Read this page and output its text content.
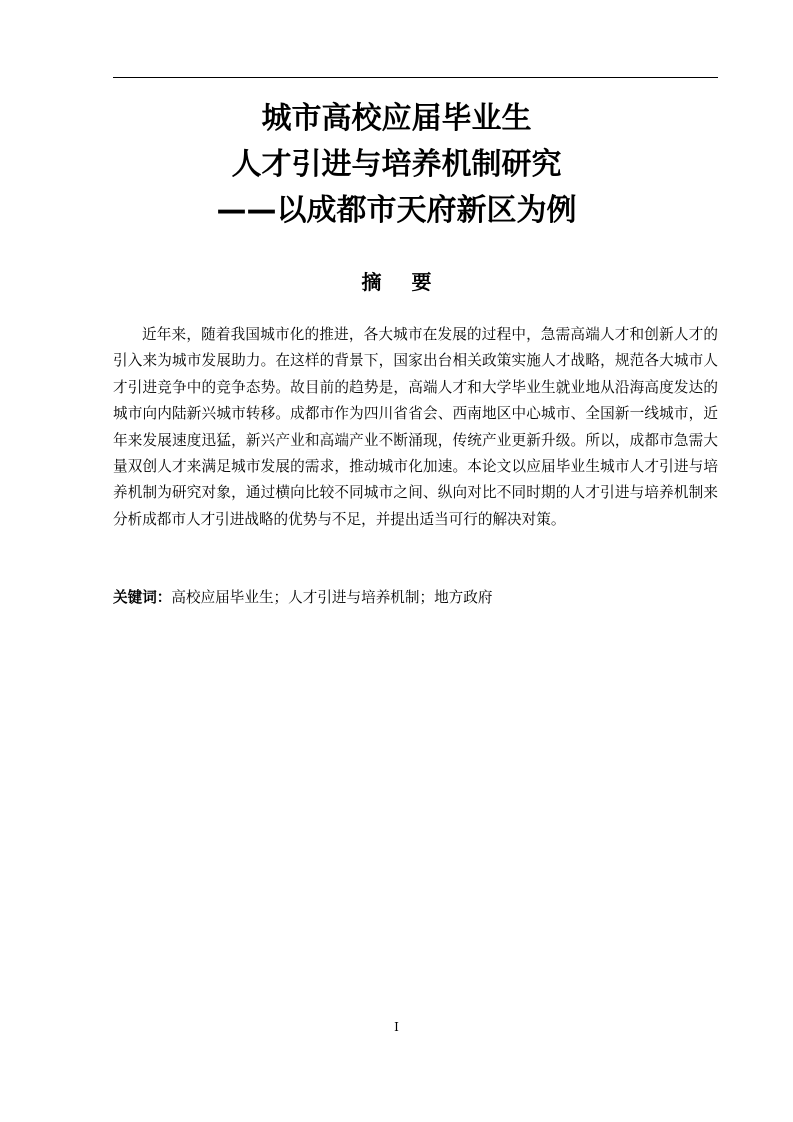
城市高校应届毕业生
人才引进与培养机制研究
——以成都市天府新区为例
摘要
近年来，随着我国城市化的推进，各大城市在发展的过程中，急需高端人才和创新人才的引入来为城市发展助力。在这样的背景下，国家出台相关政策实施人才战略，规范各大城市人才引进竞争中的竞争态势。故目前的趋势是，高端人才和大学毕业生就业地从沿海高度发达的城市向内陆新兴城市转移。成都市作为四川省省会、西南地区中心城市、全国新一线城市，近年来发展速度迅猛，新兴产业和高端产业不断涌现，传统产业更新升级。所以，成都市急需大量双创人才来满足城市发展的需求，推动城市化加速。本论文以应届毕业生城市人才引进与培养机制为研究对象，通过横向比较不同城市之间、纵向对比不同时期的人才引进与培养机制来分析成都市人才引进战略的优势与不足，并提出适当可行的解决对策。
关键词：高校应届毕业生；人才引进与培养机制；地方政府
I
